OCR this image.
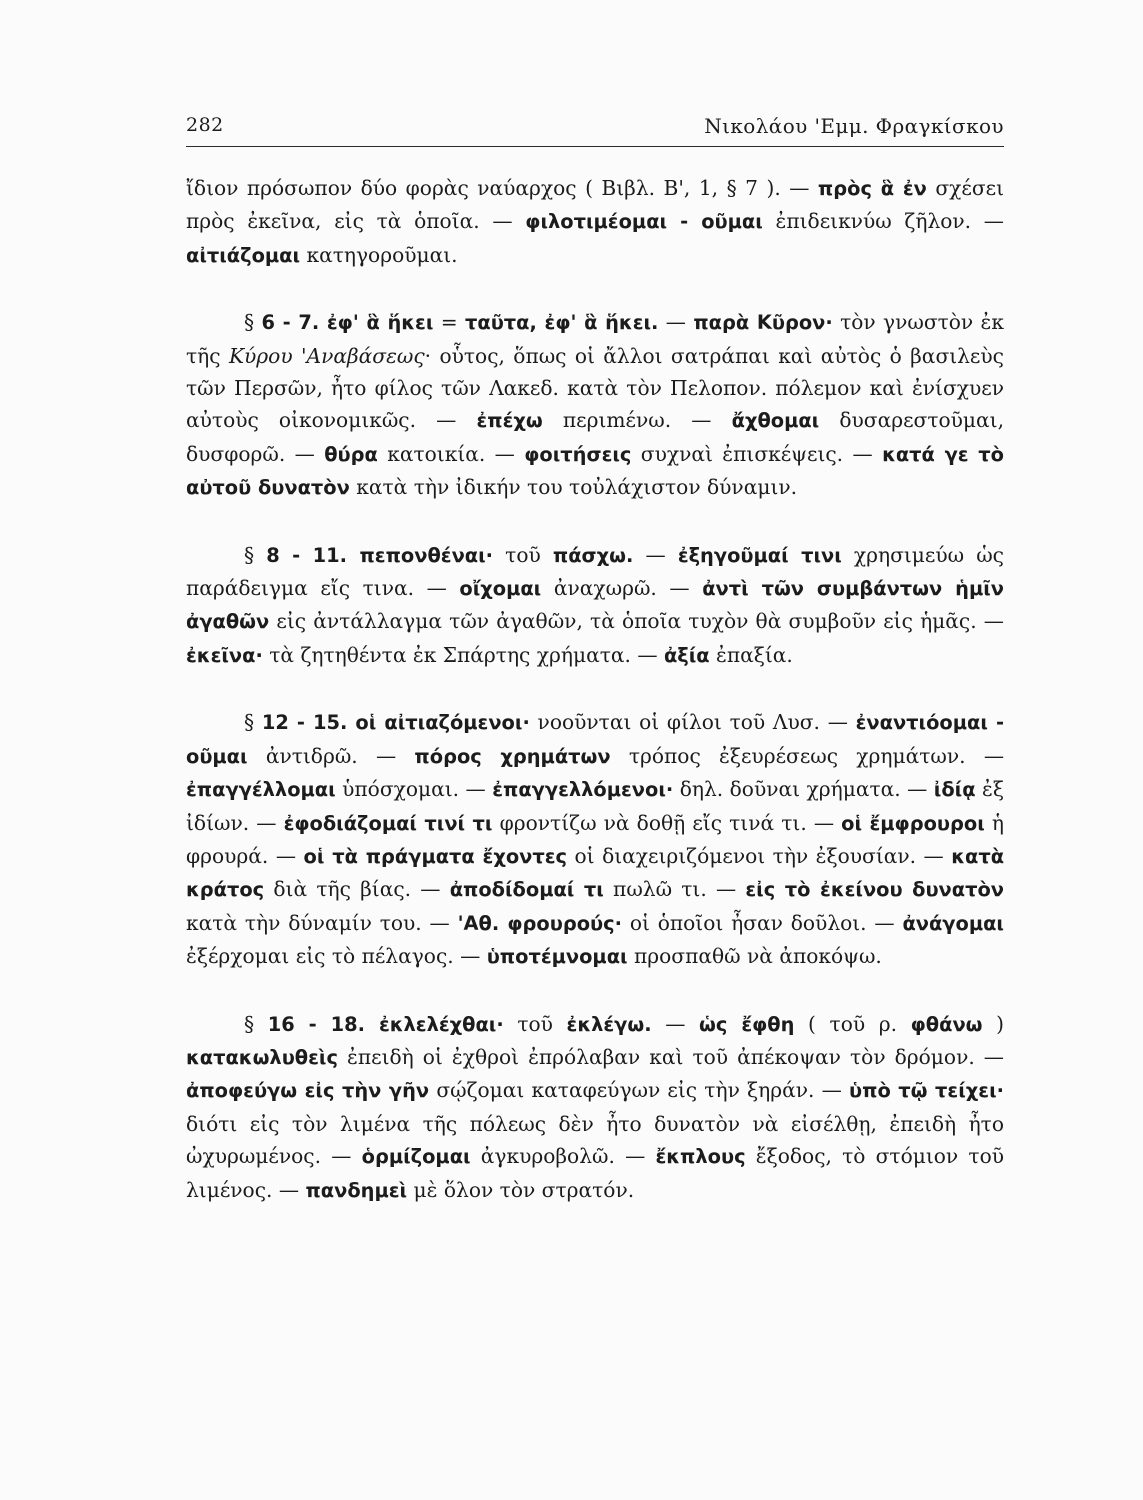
282	Νικολάου 'Εμμ. Φραγκίσκου

ἴδιον πρόσωπον δύο φορὰς ναύαρχος ( Βιβλ. Β', 1, § 7 ). — πρὸς ἃ ἐν σχέσει πρὸς ἐκεῖνα, εἰς τὰ ὁποῖα. — φιλοτιμέομαι - οῦμαι ἐπιδεικνύω ζῆλον. — αἰτιάζομαι κατηγοροῦμαι.

§ 6 - 7. ἐφ' ἃ ἥκει = ταῦτα, ἐφ' ἃ ἥκει. — παρὰ Κῦρον· τὸν γνωστὸν ἐκ τῆς Κύρου 'Αναβάσεως· οὗτος, ὅπως οἱ ἄλλοι σατράπαι καὶ αὐτὸς ὁ βασιλεὺς τῶν Περσῶν, ἦτο φίλος τῶν Λακεδ. κατὰ τὸν Πελοπον. πόλεμον καὶ ἐνίσχυεν αὐτοὺς οἰκονομικῶς. — ἐπέχω περιmένω. — ἄχθομαι δυσαρεστοῦμαι, δυσφορῶ. — θύρα κατοικία. — φοιτήσεις συχναὶ ἐπισκέψεις. — κατά γε τὸ αὐτοῦ δυνατὸν κατὰ τὴν ἰδικήν του τοὐλάχιστον δύναμιν.

§ 8 - 11. πεπονθέναι· τοῦ πάσχω. — ἐξηγοῦμαί τινι χρησιμεύω ὡς παράδειγμα εἴς τινα. — οἴχομαι ἀναχωρῶ. — ἀντὶ τῶν συμβάντων ἡμῖν ἀγαθῶν εἰς ἀντάλλαγμα τῶν ἀγαθῶν, τὰ ὁποῖα τυχὸν θὰ συμβοῦν εἰς ἡμᾶς. — ἐκεῖνα· τὰ ζητηθέντα ἐκ Σπάρτης χρήματα. — ἀξία ἐπαξία.

§ 12 - 15. οἱ αἰτιαζόμενοι· νοοῦνται οἱ φίλοι τοῦ Λυσ. — ἐναντιόομαι - οῦμαι ἀντιδρῶ. — πόρος χρημάτων τρόπος ἐξευρέσεως χρημάτων. — ἐπαγγέλλομαι ὑπόσχομαι. — ἐπαγγελλόμενοι· δηλ. δοῦναι χρήματα. — ἰδίᾳ ἐξ ἰδίων. — ἐφοδιάζομαί τινί τι φροντίζω νὰ δοθῇ εἴς τινά τι. — οἱ ἔμφρουροι ἡ φρουρά. — οἱ τὰ πράγματα ἔχοντες οἱ διαχειριζόμενοι τὴν ἐξουσίαν. — κατὰ κράτος διὰ τῆς βίας. — ἀποδίδομαί τι πωλῶ τι. — εἰς τὸ ἐκείνου δυνατὸν κατὰ τὴν δύναμίν του. — 'Αθ. φρουρούς· οἱ ὁποῖοι ἦσαν δοῦλοι. — ἀνάγομαι ἐξέρχομαι εἰς τὸ πέλαγος. — ὑποτέμνομαι προσπαθῶ νὰ ἀποκόψω.

§ 16 - 18. ἐκλελέχθαι· τοῦ ἐκλέγω. — ὡς ἔφθη ( τοῦ ρ. φθάνω ) κατακωλυθεὶς ἐπειδὴ οἱ ἐχθροὶ ἐπρόλαβαν καὶ τοῦ ἀπέκοψαν τὸν δρόμον. — ἀποφεύγω εἰς τὴν γῆν σῴζομαι καταφεύγων εἰς τὴν ξηράν. — ὑπὸ τῷ τείχει· διότι εἰς τὸν λιμένα τῆς πόλεως δὲν ἦτο δυνατὸν νὰ εἰσέλθῃ, ἐπειδὴ ἦτο ὠχυρωμένος. — ὁρμίζομαι ἀγκυροβολῶ. — ἔκπλους ἔξοδος, τὸ στόμιον τοῦ λιμένος. — πανδημεὶ μὲ ὅλον τὸν στρατόν.
